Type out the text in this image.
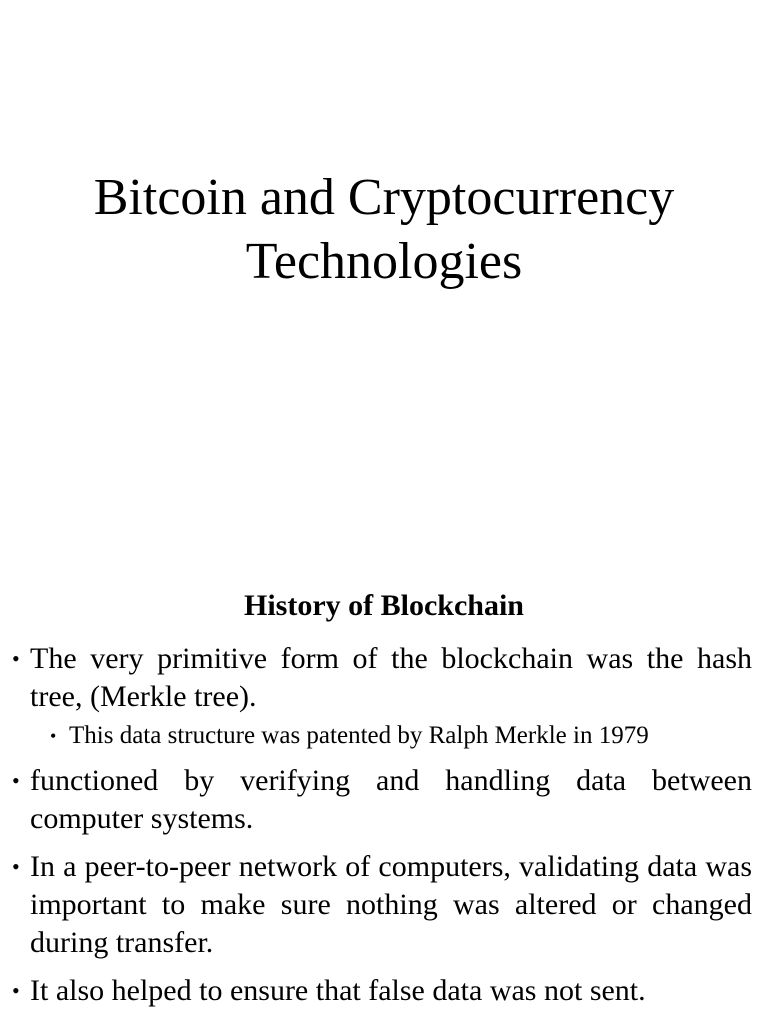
Bitcoin and Cryptocurrency
Technologies
History of Blockchain
• The very primitive form of the blockchain was the hash tree, (Merkle tree).
• This data structure was patented by Ralph Merkle in 1979
• functioned by verifying and handling data between computer systems.
• In a peer-to-peer network of computers, validating data was important to make sure nothing was altered or changed during transfer.
• It also helped to ensure that false data was not sent.
